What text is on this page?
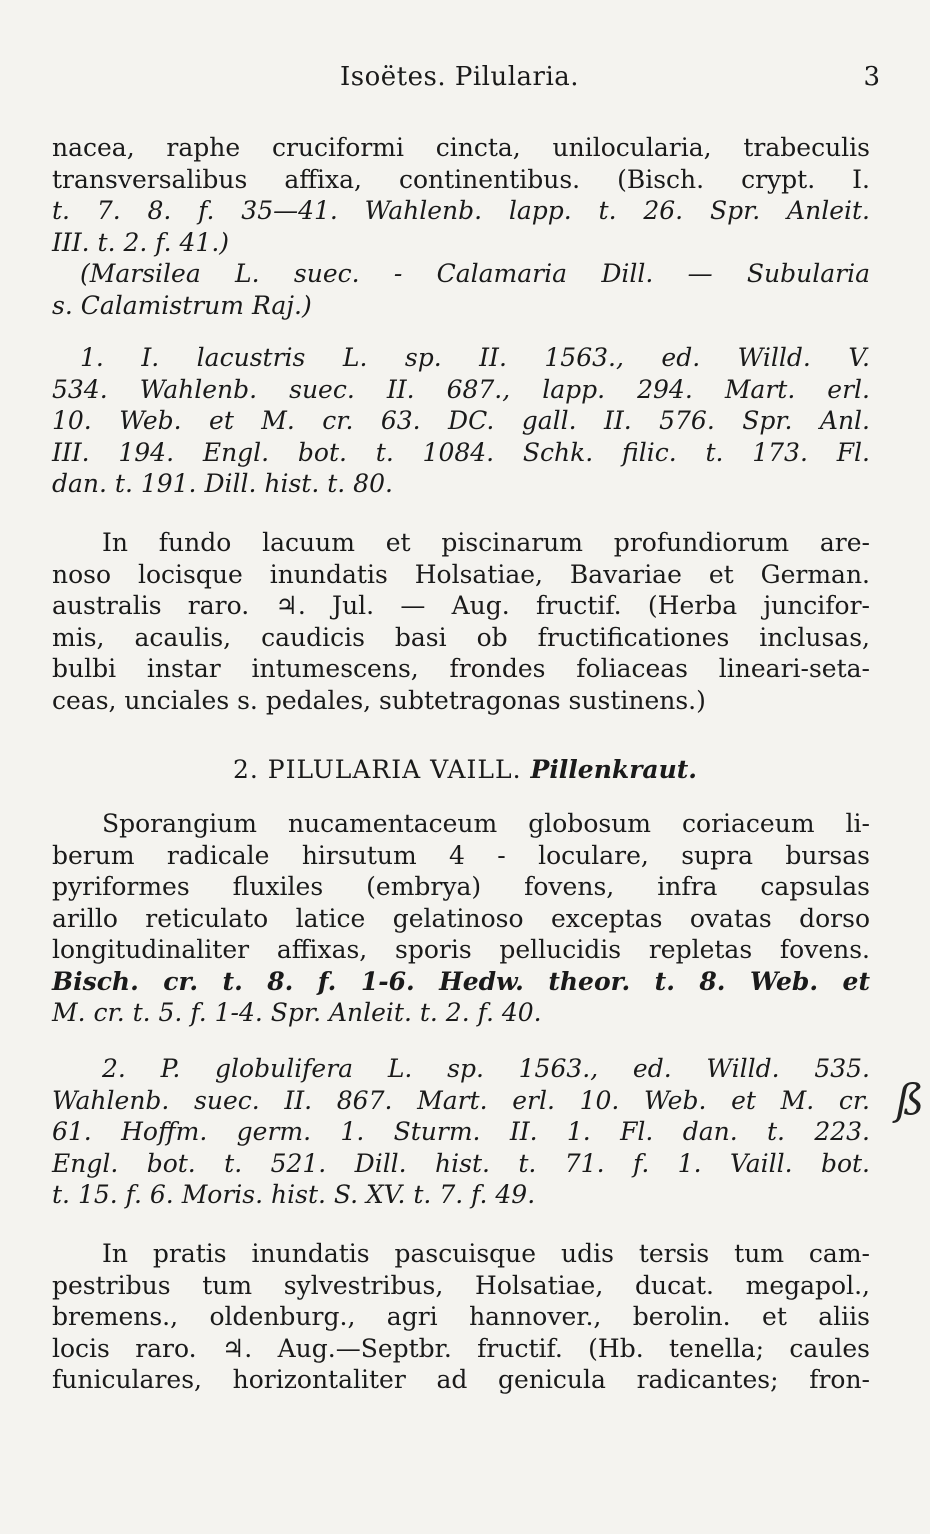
Isoëtes. Pilularia.	3
nacea, raphe cruciformi cincta, unilocularia, trabeculis
transversalibus affixa, continentibus. (Bisch. crypt. I.
t. 7. 8. f. 35—41. Wahlenb. lapp. t. 26. Spr. Anleit.
III. t. 2. f. 41.)
(Marsilea L. suec. - Calamaria Dill. — Subularia
s. Calamistrum Raj.)
1. I. lacustris L. sp. II. 1563., ed. Willd. V.
534. Wahlenb. suec. II. 687., lapp. 294. Mart. erl.
10. Web. et M. cr. 63. DC. gall. II. 576. Spr. Anl.
III. 194. Engl. bot. t. 1084. Schk. filic. t. 173. Fl.
dan. t. 191. Dill. hist. t. 80.
In fundo lacuum et piscinarum profundiorum are-
noso locisque inundatis Holsatiae, Bavariae et German.
australis raro. ♃. Jul. — Aug. fructif. (Herba juncifor-
mis, acaulis, caudicis basi ob fructificationes inclusas,
bulbi instar intumescens, frondes foliaceas lineari-seta-
ceas, unciales s. pedales, subtetragonas sustinens.)
2. PILULARIA VAILL. Pillenkraut.
Sporangium nucamentaceum globosum coriaceum li-
berum radicale hirsutum 4 - loculare, supra bursas
pyriformes fluxiles (embrya) fovens, infra capsulas
arillo reticulato latice gelatinoso exceptas ovatas dorso
longitudinaliter affixas, sporis pellucidis repletas fovens.
Bisch. cr. t. 8. f. 1-6. Hedw. theor. t. 8. Web. et
M. cr. t. 5. f. 1-4. Spr. Anleit. t. 2. f. 40.
2. P. globulifera L. sp. 1563., ed. Willd. 535.
Wahlenb. suec. II. 867. Mart. erl. 10. Web. et M. cr.
61. Hoffm. germ. 1. Sturm. II. 1. Fl. dan. t. 223.
Engl. bot. t. 521. Dill. hist. t. 71. f. 1. Vaill. bot.
t. 15. f. 6. Moris. hist. S. XV. t. 7. f. 49.
In pratis inundatis pascuisque udis tersis tum cam-
pestribus tum sylvestribus, Holsatiae, ducat. megapol.,
bremens., oldenburg., agri hannover., berolin. et aliis
locis raro. ♃. Aug.—Septbr. fructif. (Hb. tenella; caules
funiculares, horizontaliter ad genicula radicantes; fron-
ß
